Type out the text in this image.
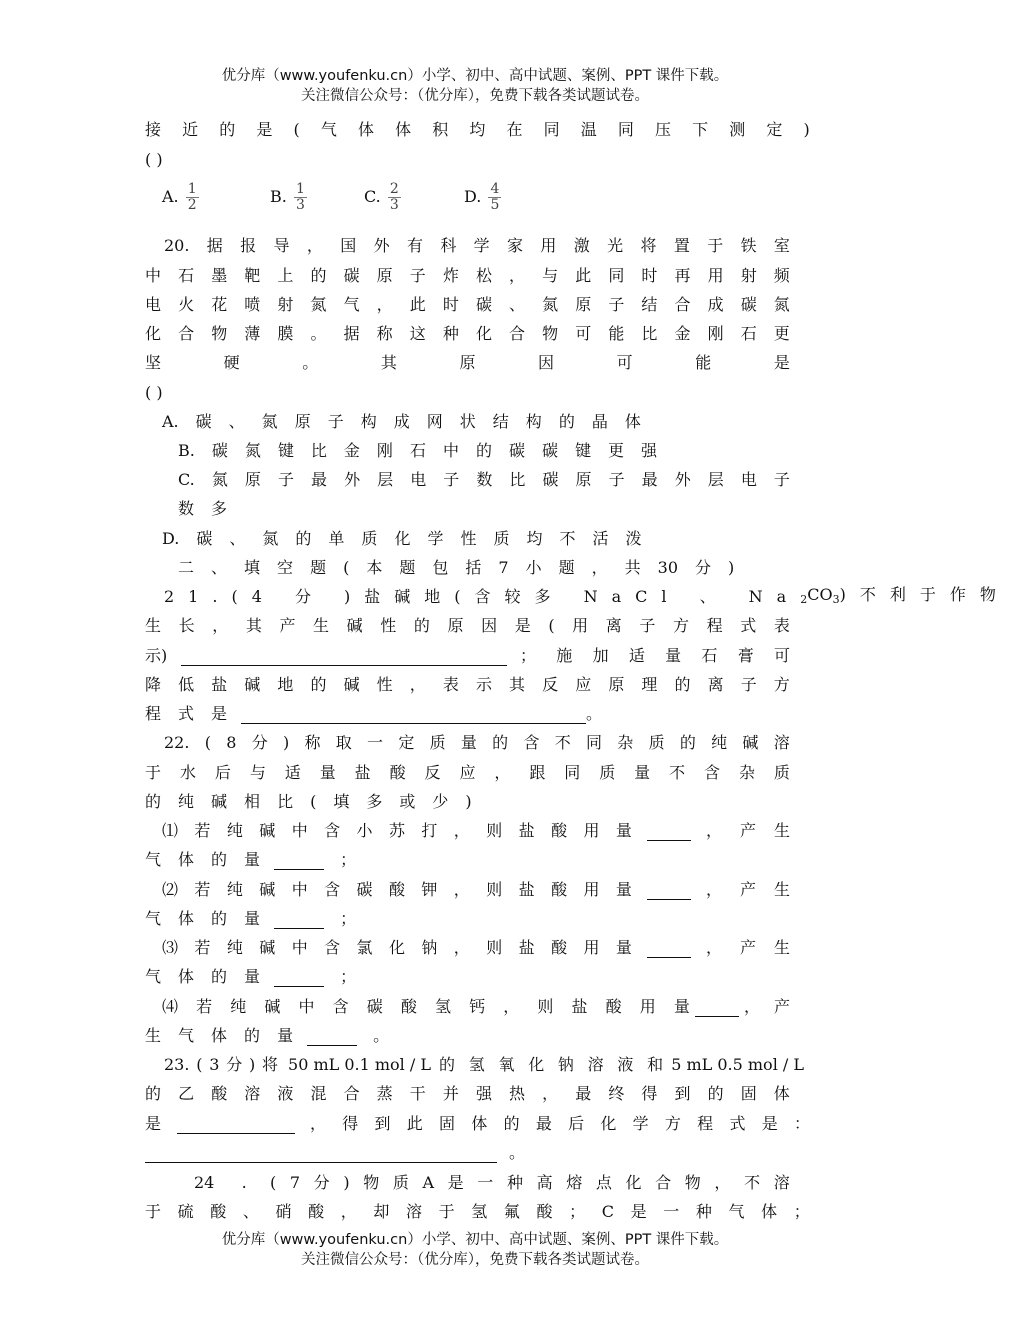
优分库（www.youfenku.cn）小学、初中、高中试题、案例、PPT 课件下载。
关注微信公众号：（优分库），免费下载各类试题试卷。
接 近 的 是 ( 气 体 体 积 均 在 同 温 同 压 下 测 定 )
( )
A. $\frac{1}{2}$	B. $\frac{1}{3}$	C. $\frac{2}{3}$	D. $\frac{4}{5}$
20. 据 报 导 ， 国 外 有 科 学 家 用 激 光 将 置 于 铁 室
中 石 墨 靶 上 的 碳 原 子 炸 松 ， 与 此 同 时 再 用 射 频
电 火 花 喷 射 氮 气 ， 此 时 碳 、 氮 原 子 结 合 成 碳 氮
化 合 物 薄 膜 。 据 称 这 种 化 合 物 可 能 比 金 刚 石 更
坚	硬	。	其	原	因	可	能	是
( )
A. 碳 、 氮 原 子 构 成 网 状 结 构 的 晶 体
B. 碳 氮 键 比 金 刚 石 中 的 碳 碳 键 更 强
C. 氮 原 子 最 外 层 电 子 数 比 碳 原 子 最 外 层 电 子
数 多
D. 碳 、 氮 的 单 质 化 学 性 质 均 不 活 泼
二 、 填 空 题 ( 本 题 包 括 7 小 题 ， 共 30 分 )
21.(4 分 )盐碱地(含较多 NaCl 、 Na 2CO3)不利于作物
生 长 ， 其 产 生 碱 性 的 原 因 是 ( 用 离 子 方 程 式 表
示)	； 施 加 适 量 石 膏 可
降 低 盐 碱 地 的 碱 性 ， 表 示 其 反 应 原 理 的 离 子 方
程 式 是	。
22. ( 8 分 ) 称 取 一 定 质 量 的 含 不 同 杂 质 的 纯 碱 溶
于 水 后 与 适 量 盐 酸 反 应 ， 跟 同 质 量 不 含 杂 质
的 纯 碱 相 比 ( 填 多 或 少 )
⑴ 若 纯 碱 中 含 小 苏 打 ， 则 盐 酸 用 量	， 产 生
气 体 的 量	；
⑵ 若 纯 碱 中 含 碳 酸 钾 ， 则 盐 酸 用 量	， 产 生
气 体 的 量	；
⑶ 若 纯 碱 中 含 氯 化 钠 ， 则 盐 酸 用 量	， 产 生
气 体 的 量	；
⑷ 若 纯 碱 中 含 碳 酸 氢 钙 ， 则 盐 酸 用 量	， 产
生 气 体 的 量	。
23. ( 3 分 ) 将 50 mL 0.1 mol / L 的 氢 氧 化 钠 溶 液 和 5 mL 0.5 mol / L
的 乙 酸 溶 液 混 合 蒸 干 并 强 热 ， 最 终 得 到 的 固 体
是	， 得 到 此 固 体 的 最 后 化 学 方 程 式 是 ：
。
24 . ( 7 分 ) 物 质 A 是 一 种 高 熔 点 化 合 物 ， 不 溶
于 硫 酸 、 硝 酸 ， 却 溶 于 氢 氟 酸 ； C 是 一 种 气 体 ；
优分库（www.youfenku.cn）小学、初中、高中试题、案例、PPT 课件下载。
关注微信公众号：（优分库），免费下载各类试题试卷。
